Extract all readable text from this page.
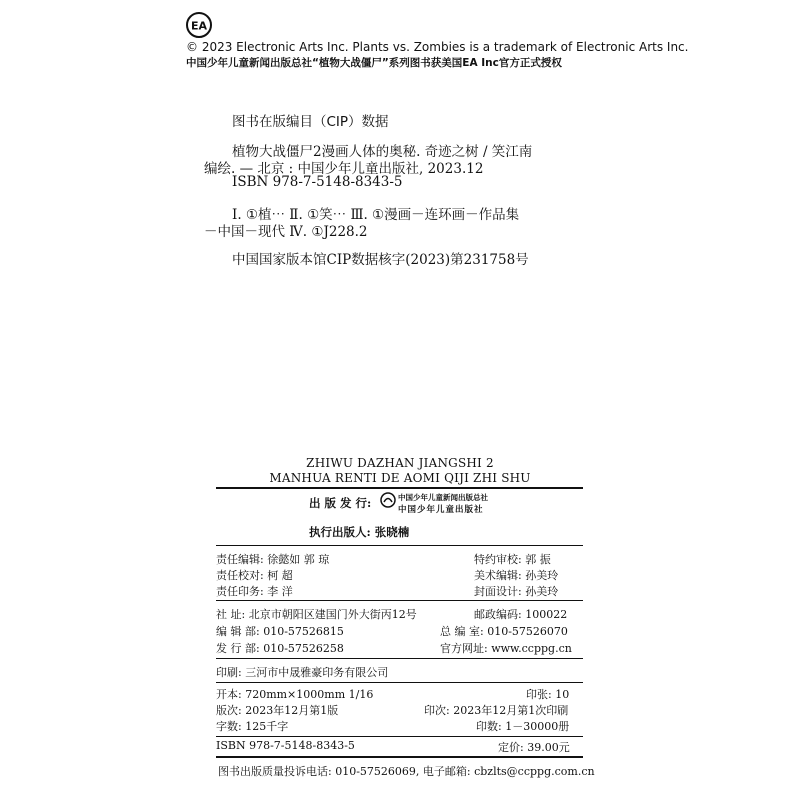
EA
© 2023 Electronic Arts Inc. Plants vs. Zombies is a trademark of Electronic Arts Inc.
中国少年儿童新闻出版总社“植物大战僵尸”系列图书获美国EA Inc官方正式授权
图书在版编目（CIP）数据
植物大战僵尸2漫画人体的奥秘. 奇迹之树 / 笑江南
编绘. — 北京 : 中国少年儿童出版社, 2023.12
ISBN 978-7-5148-8343-5
Ⅰ. ①植⋯ Ⅱ. ①笑⋯ Ⅲ. ①漫画－连环画－作品集
－中国－现代 Ⅳ. ①J228.2
中国国家版本馆CIP数据核字(2023)第231758号
ZHIWU DAZHAN JIANGSHI 2
MANHUA RENTI DE AOMI QIJI ZHI SHU
出 版 发 行:	中国少年儿童新闻出版总社
中国少年儿童出版社
执行出版人: 张晓楠
责任编辑: 徐懿如 郭 琼	特约审校: 郭 振
责任校对: 柯 超	美术编辑: 孙美玲
责任印务: 李 洋	封面设计: 孙美玲
社 址: 北京市朝阳区建国门外大街丙12号	邮政编码: 100022
编 辑 部: 010-57526815	总 编 室: 010-57526070
发 行 部: 010-57526258	官方网址: www.ccppg.cn
印刷: 三河市中晟雅豪印务有限公司
开本: 720mm×1000mm 1/16	印张: 10
版次: 2023年12月第1版	印次: 2023年12月第1次印刷
字数: 125千字	印数: 1－30000册
ISBN 978-7-5148-8343-5	定价: 39.00元
图书出版质量投诉电话: 010-57526069, 电子邮箱: cbzlts@ccppg.com.cn
